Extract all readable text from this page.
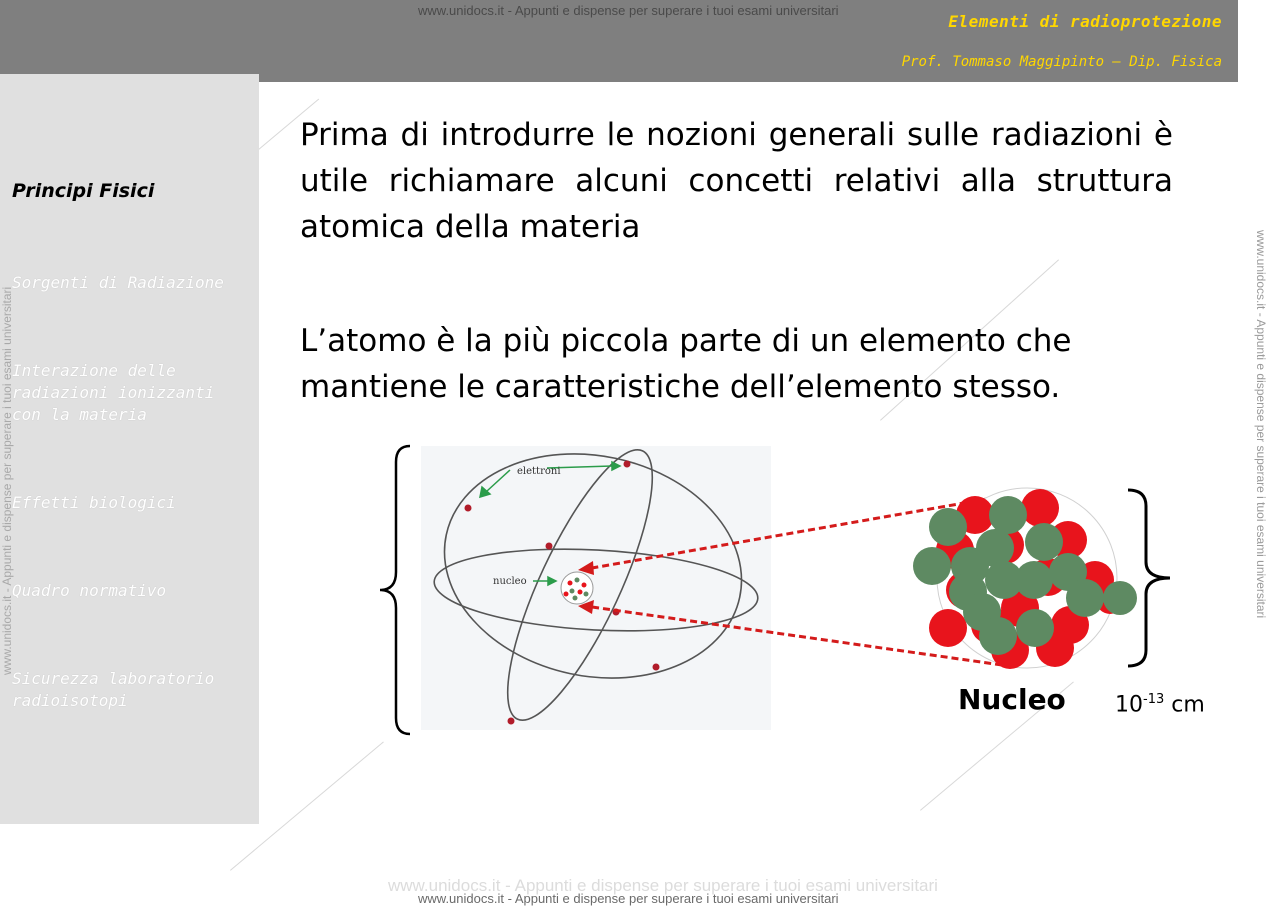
Elementi di radioprotezione
Prof. Tommaso Maggipinto – Dip. Fisica
www.unidocs.it - Appunti e dispense per superare i tuoi esami universitari
Principi Fisici
Sorgenti di Radiazione
Interazione delle radiazioni ionizzanti con la materia
Effetti biologici
Quadro normativo
Sicurezza laboratorio radioisotopi
www.unidocs.it - Appunti e dispense per superare i tuoi esami universitari	www.unidocs.it - Appunti e dispense per superare i tuoi esami universitari
Prima di introdurre le nozioni generali sulle radiazioni è utile richiamare alcuni concetti relativi alla struttura atomica della materia
L’atomo è la più piccola parte di un elemento che mantiene le caratteristiche dell’elemento stesso.
elettroni
nucleo
Nucleo $10^{-13}$ cm
www.unidocs.it - Appunti e dispense per superare i tuoi esami universitari
www.unidocs.it - Appunti e dispense per superare i tuoi esami universitari
